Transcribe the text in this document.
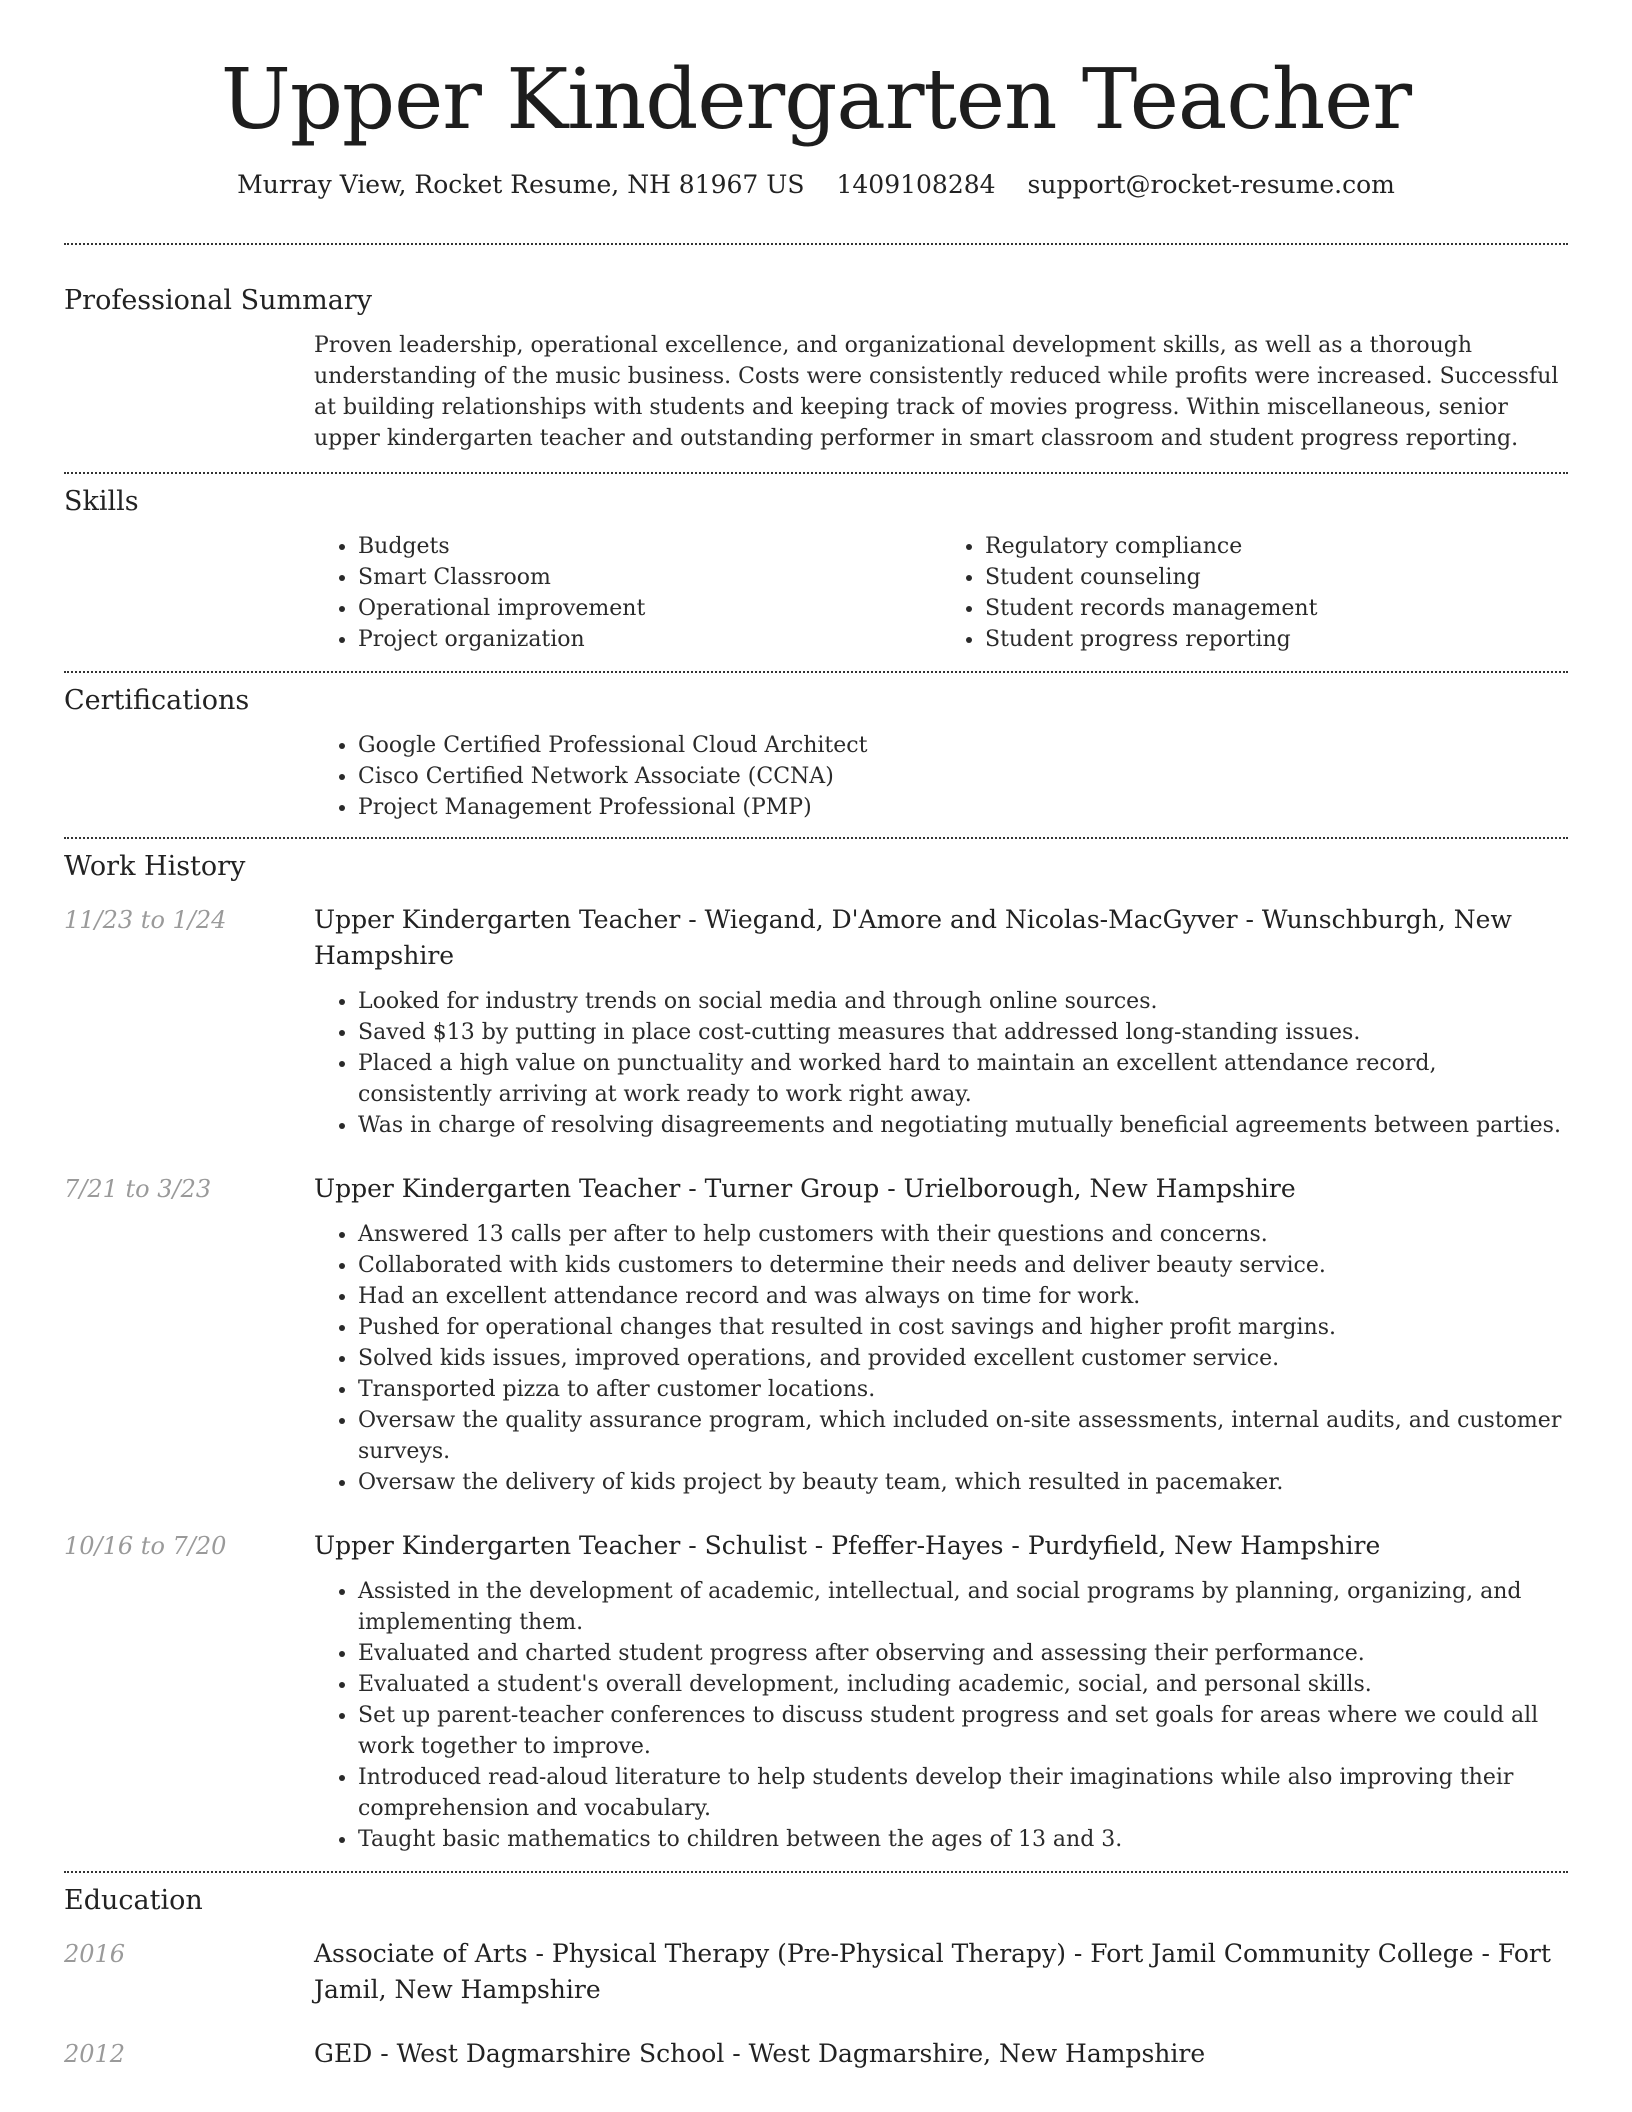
Upper Kindergarten Teacher
Murray View, Rocket Resume, NH 81967 US 1409108284 support@rocket-resume.com
Professional Summary

Proven leadership, operational excellence, and organizational development skills, as well as a thorough understanding of the music business. Costs were consistently reduced while profits were increased. Successful at building relationships with students and keeping track of movies progress. Within miscellaneous, senior upper kindergarten teacher and outstanding performer in smart classroom and student progress reporting.

Skills
• Budgets
• Smart Classroom
• Operational improvement
• Project organization
• Regulatory compliance
• Student counseling
• Student records management
• Student progress reporting
Certifications
• Google Certified Professional Cloud Architect
• Cisco Certified Network Associate (CCNA)
• Project Management Professional (PMP)
Work History
11/23 to 1/24	Upper Kindergarten Teacher - Wiegand, D'Amore and Nicolas-MacGyver - Wunschburgh, New Hampshire

• Looked for industry trends on social media and through online sources.
• Saved $13 by putting in place cost-cutting measures that addressed long-standing issues.
• Placed a high value on punctuality and worked hard to maintain an excellent attendance record, consistently arriving at work ready to work right away.
• Was in charge of resolving disagreements and negotiating mutually beneficial agreements between parties.
7/21 to 3/23	Upper Kindergarten Teacher - Turner Group - Urielborough, New Hampshire

• Answered 13 calls per after to help customers with their questions and concerns.
• Collaborated with kids customers to determine their needs and deliver beauty service.
• Had an excellent attendance record and was always on time for work.
• Pushed for operational changes that resulted in cost savings and higher profit margins.
• Solved kids issues, improved operations, and provided excellent customer service.
• Transported pizza to after customer locations.
• Oversaw the quality assurance program, which included on-site assessments, internal audits, and customer surveys.
• Oversaw the delivery of kids project by beauty team, which resulted in pacemaker.
10/16 to 7/20	Upper Kindergarten Teacher - Schulist - Pfeffer-Hayes - Purdyfield, New Hampshire

• Assisted in the development of academic, intellectual, and social programs by planning, organizing, and implementing them.
• Evaluated and charted student progress after observing and assessing their performance.
• Evaluated a student's overall development, including academic, social, and personal skills.
• Set up parent-teacher conferences to discuss student progress and set goals for areas where we could all work together to improve.
• Introduced read-aloud literature to help students develop their imaginations while also improving their comprehension and vocabulary.
• Taught basic mathematics to children between the ages of 13 and 3.
Education
2016	Associate of Arts - Physical Therapy (Pre-Physical Therapy) - Fort Jamil Community College - Fort Jamil, New Hampshire

2012	GED - West Dagmarshire School - West Dagmarshire, New Hampshire
